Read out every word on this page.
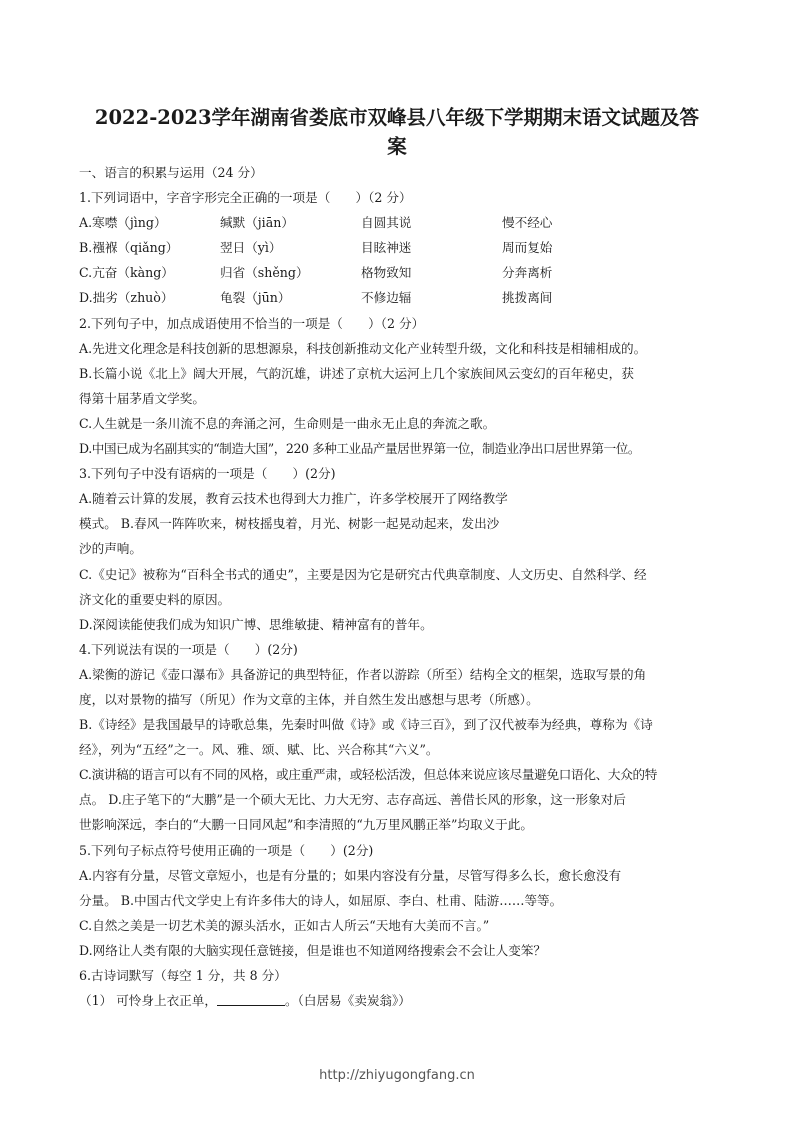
2022-2023学年湖南省娄底市双峰县八年级下学期期末语文试题及答
案
一、语言的积累与运用（24 分）
1.下列词语中，字音字形完全正确的一项是（　　）（2 分）
A.寒噤（jìng）	缄默（jiān）	自圆其说	慢不经心
B.襁褓（qiǎng）	翌日（yì）	目眩神迷	周而复始
C.亢奋（kàng）	归省（shěng）	格物致知	分奔离析
D.拙劣（zhuò）	龟裂（jūn）	不修边辐	挑拨离间
2.下列句子中，加点成语使用不恰当的一项是（　　）（2 分）
A.先进文化理念是科技创新的思想源泉，科技创新推动文化产业转型升级，文化和科技是相辅相成的。
B.长篇小说《北上》阔大开展，气韵沉雄，讲述了京杭大运河上几个家族间风云变幻的百年秘史，获
得第十届茅盾文学奖。
C.人生就是一条川流不息的奔涌之河，生命则是一曲永无止息的奔流之歌。
D.中国已成为名副其实的“制造大国”，220 多种工业品产量居世界第一位，制造业净出口居世界第一位。
3.下列句子中没有语病的一项是（　　）(2分)
A.随着云计算的发展，教育云技术也得到大力推广，许多学校展开了网络教学
模式。 B.春风一阵阵吹来，树枝摇曳着，月光、树影一起晃动起来，发出沙
沙的声响。
C.《史记》被称为“百科全书式的通史”，主要是因为它是研究古代典章制度、人文历史、自然科学、经
济文化的重要史料的原因。
D.深阅读能使我们成为知识广博、思维敏捷、精神富有的普年。
4.下列说法有误的一项是（　　）(2分)
A.梁衡的游记《壶口瀑布》具备游记的典型特征，作者以游踪（所至）结构全文的框架，选取写景的角
度，以对景物的描写（所见）作为文章的主体，并自然生发出感想与思考（所感）。
B.《诗经》是我国最早的诗歌总集，先秦时叫做《诗》或《诗三百》，到了汉代被奉为经典，尊称为《诗
经》，列为“五经”之一。风、雅、颂、赋、比、兴合称其“六义”。
C.演讲稿的语言可以有不同的风格，或庄重严肃，或轻松活泼，但总体来说应该尽量避免口语化、大众的特
点。 D.庄子笔下的“大鹏”是一个硕大无比、力大无穷、志存高远、善借长风的形象，这一形象对后
世影响深远，李白的“大鹏一日同风起”和李清照的“九万里风鹏正举”均取义于此。
5.下列句子标点符号使用正确的一项是（　　）(2分)
A.内容有分量，尽管文章短小，也是有分量的；如果内容没有分量，尽管写得多么长，愈长愈没有
分量。 B.中国古代文学史上有许多伟大的诗人，如屈原、李白、杜甫、陆游……等等。
C.自然之美是一切艺术美的源头活水，正如古人所云“天地有大美而不言。”
D.网络让人类有限的大脑实现任意链接，但是谁也不知道网络搜索会不会让人变笨？
6.古诗词默写（每空 1 分，共 8 分）
（1） 可怜身上衣正单，	。（白居易《卖炭翁》）
http://zhiyugongfang.cn
